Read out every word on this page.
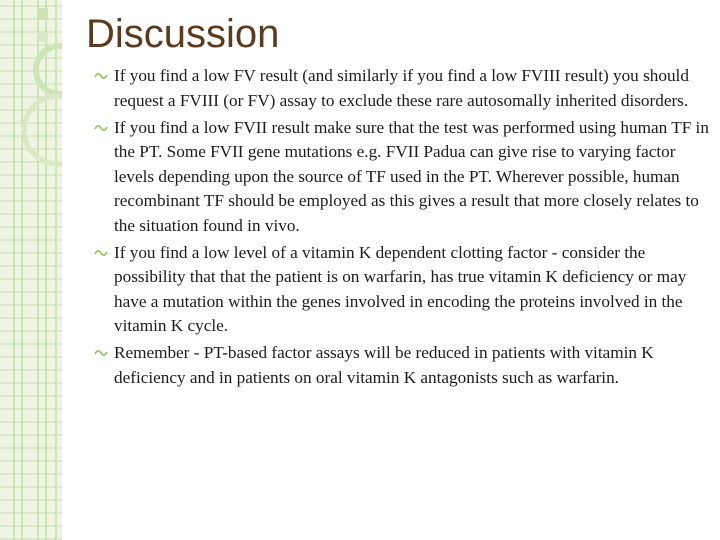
Discussion
If you find a low FV result (and similarly if you find a low FVIII result) you should request a FVIII (or FV) assay to exclude these rare autosomally inherited disorders.
If you find a low FVII result make sure that the test was performed using human TF in the PT. Some FVII gene mutations e.g. FVII Padua can give rise to varying factor levels depending upon the source of TF used in the PT. Wherever possible, human recombinant TF should be employed as this gives a result that more closely relates to the situation found in vivo.
If you find a low level of a vitamin K dependent clotting factor - consider the possibility that that the patient is on warfarin, has true vitamin K deficiency or may have a mutation within the genes involved in encoding the proteins involved in the vitamin K cycle.
Remember - PT-based factor assays will be reduced in patients with vitamin K deficiency and in patients on oral vitamin K antagonists such as warfarin.
